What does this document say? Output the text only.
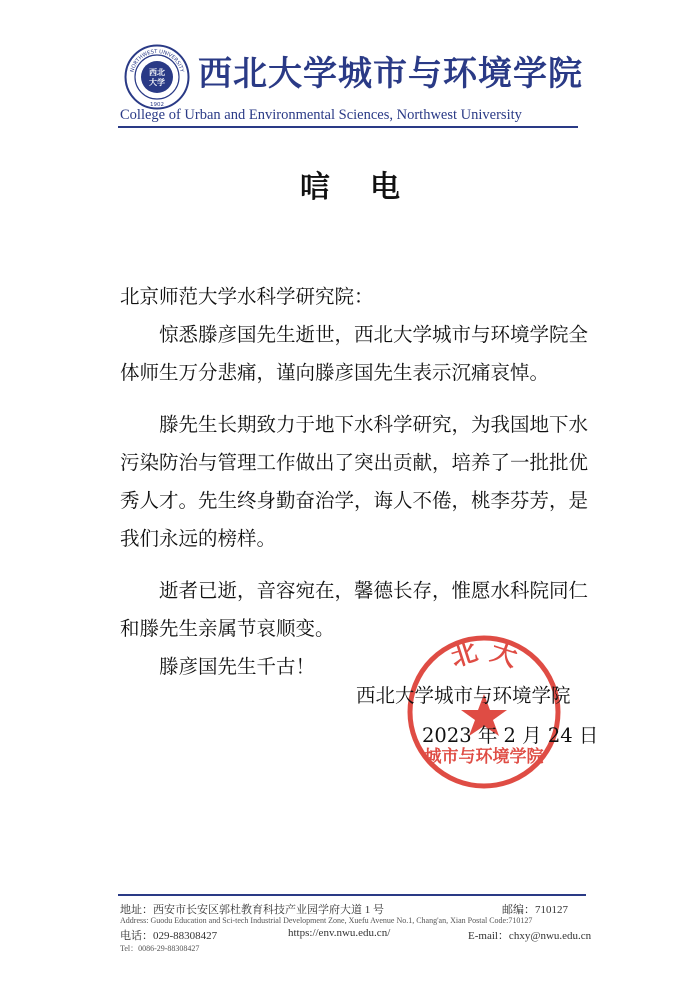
西北
大学
NORTHWEST UNIVERSITY
1902
西北大学城市与环境学院
College of Urban and Environmental Sciences, Northwest University
唁电

北京师范大学水科学研究院：

惊悉滕彦国先生逝世，西北大学城市与环境学院全体师生万分悲痛，谨向滕彦国先生表示沉痛哀悼。

滕先生长期致力于地下水科学研究，为我国地下水污染防治与管理工作做出了突出贡献，培养了一批批优秀人才。先生终身勤奋治学，诲人不倦，桃李芬芳，是我们永远的榜样。

逝者已逝，音容宛在，馨德长存，惟愿水科院同仁和滕先生亲属节哀顺变。

滕彦国先生千古！	北 大
城市与环境学院
西北大学城市与环境学院
2023 年 2 月 24 日
地址：西安市长安区郭杜教育科技产业园学府大道 1 号	邮编：710127
Address: Guodu Education and Sci-tech Industrial Development Zone, Xuefu Avenue No.1, Chang'an, Xian Postal Code:710127
电话：029-88308427	https://env.nwu.edu.cn/	E-mail：chxy@nwu.edu.cn
Tel：0086-29-88308427
